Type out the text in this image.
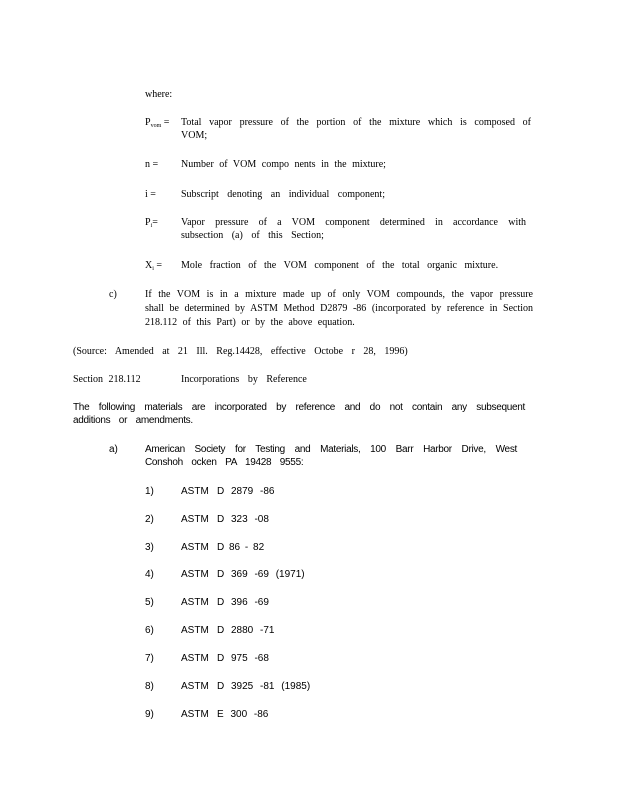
where:
$P_{vom}$ = Total vapor pressure of the portion of the mixture which is composed of VOM;
n = Number of VOM compo nents in the mixture;
i =	Subscript denoting an individual component;
$P_i=$ Vapor pressure of a VOM component determined in accordance with subsection (a) of this Section;
$X_i$ = Mole fraction of the VOM component of the total organic mixture.
c)	If the VOM is in a mixture made up of only VOM compounds, the vapor pressure shall be determined by ASTM Method D2879 -86 (incorporated by reference in Section 218.112 of this Part) or by the above equation.
(Source: Amended at 21 Ill. Reg.14428, effective Octobe r 28, 1996)
Section 218.112	Incorporations by Reference
The following materials are incorporated by reference and do not contain any subsequent additions or amendments.
a)	American Society for Testing and Materials, 100 Barr Harbor Drive, West Conshoh ocken PA 19428 9555:
1)	ASTM D 2879 -86
2)	ASTM D 323 -08
3)	ASTM D 86 - 82
4)	ASTM D 369 -69 (1971)
5)	ASTM D 396 -69
6)	ASTM D 2880 -71
7)	ASTM D 975 -68
8)	ASTM D 3925 -81 (1985)
9)	ASTM E 300 -86
